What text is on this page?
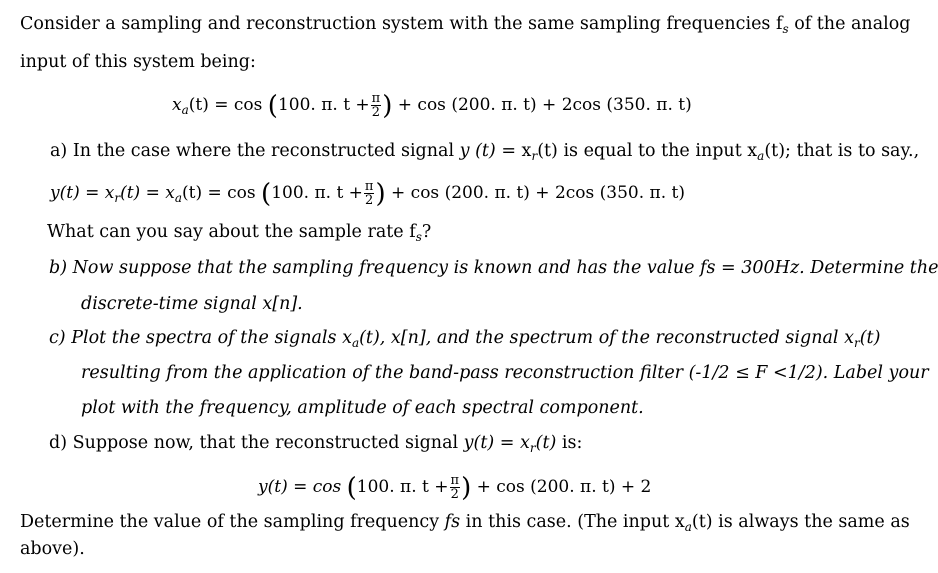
Consider a sampling and reconstruction system with the same sampling frequencies $f_s$ of the analog
input of this system being:
$x_a(t) = \cos (100$. π. $t + \frac{\pi}{2}$ ) + cos (200. π. t) + 2cos (350. π. t)
a) In the case where the reconstructed signal y $(t) = x_r(t)$ is equal to the input $x_a(t)$; that is to say.,
$y(t) = x_r(t) = x_a(t) = \cos (100$. π. $t + \frac{\pi}{2}$ ) + cos (200. π. t) + 2cos (350. π. t)
What can you say about the sample rate $f_s$?
b) Now suppose that the sampling frequency is known and has the value fs = 300Hz. Determine the
discrete-time signal x[n].
c) Plot the spectra of the signals $x_a(t)$, x[n], and the spectrum of the reconstructed signal $x_r(t)$
resulting from the application of the band-pass reconstruction filter (-1/2 ≤ F <1/2). Label your
plot with the frequency, amplitude of each spectral component.
d) Suppose now, that the reconstructed signal $y(t) = x_r(t)$ is:
y(t) = cos (100. π. $t + \frac{\pi}{2}$ ) + cos (200. π. t) + 2
Determine the value of the sampling frequency fs in this case. (The input $x_a(t)$ is always the same as
above).
